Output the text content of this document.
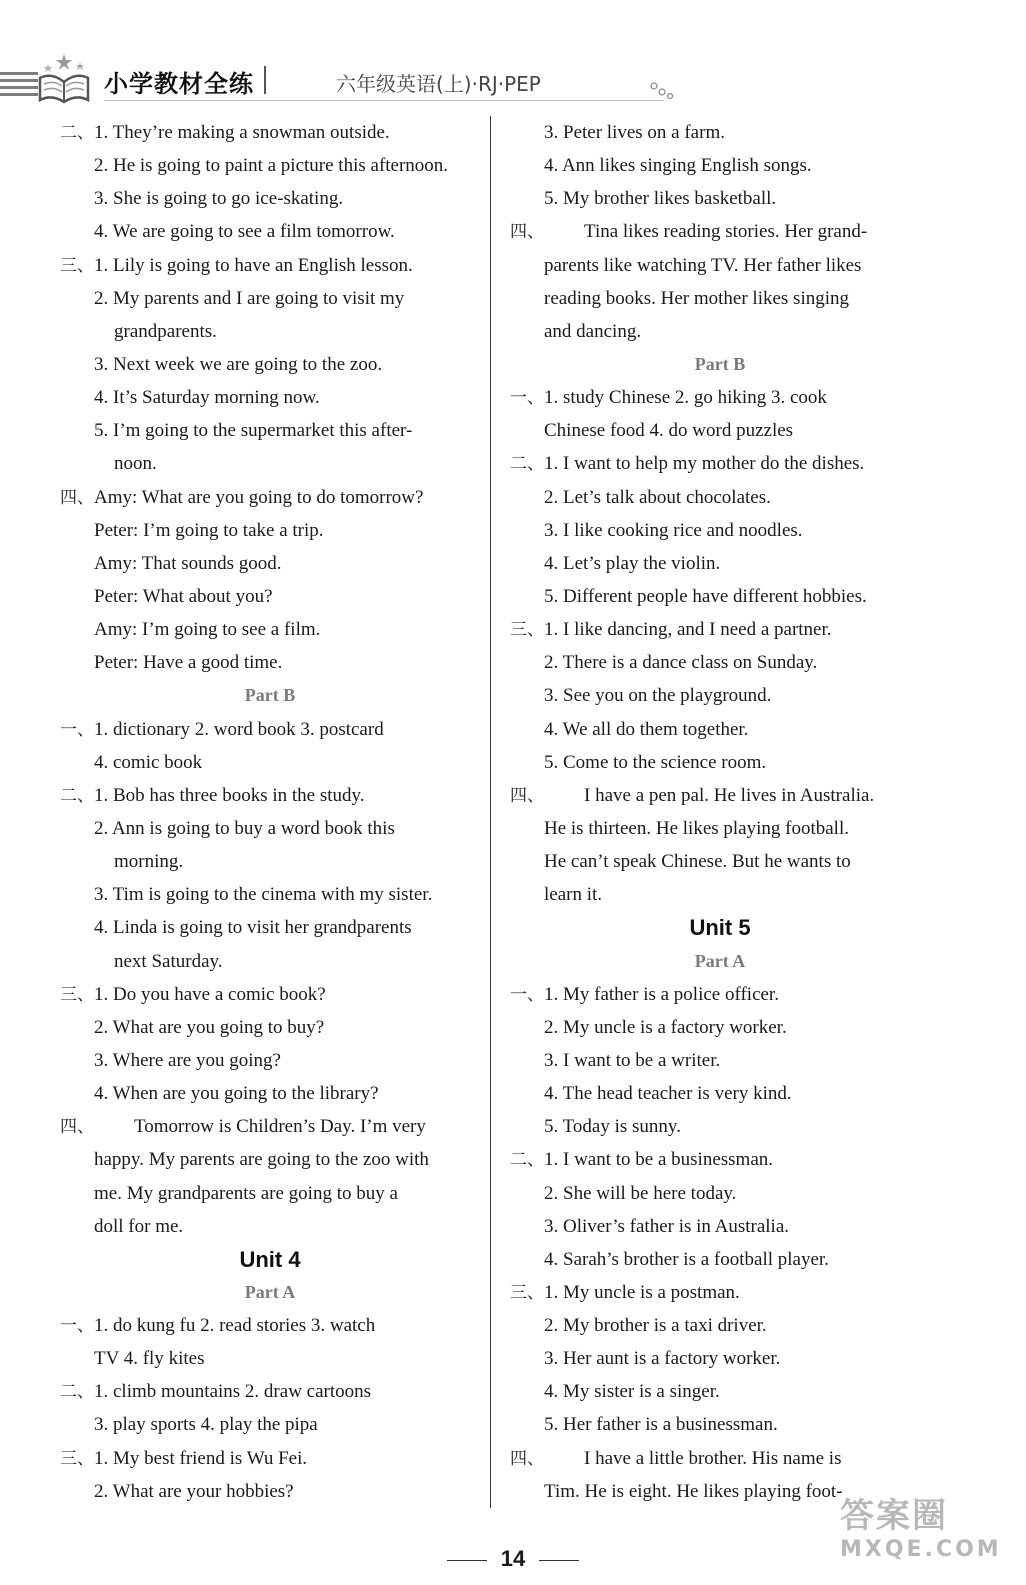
小学教材全练	六年级英语(上)·RJ·PEP
二、1. They’re making a snowman outside.
2. He is going to paint a picture this afternoon.
3. She is going to go ice-skating.
4. We are going to see a film tomorrow.
三、1. Lily is going to have an English lesson.
2. My parents and I are going to visit my
grandparents.
3. Next week we are going to the zoo.
4. It’s Saturday morning now.
5. I’m going to the supermarket this after-
noon.
四、Amy: What are you going to do tomorrow?
Peter: I’m going to take a trip.
Amy: That sounds good.
Peter: What about you?
Amy: I’m going to see a film.
Peter: Have a good time.
Part B
一、1. dictionary 2. word book 3. postcard
4. comic book
二、1. Bob has three books in the study.
2. Ann is going to buy a word book this
morning.
3. Tim is going to the cinema with my sister.
4. Linda is going to visit her grandparents
next Saturday.
三、1. Do you have a comic book?
2. What are you going to buy?
3. Where are you going?
4. When are you going to the library?
四、 Tomorrow is Children’s Day. I’m very
happy. My parents are going to the zoo with
me. My grandparents are going to buy a
doll for me.
Unit 4
Part A
一、1. do kung fu 2. read stories 3. watch
TV 4. fly kites
二、1. climb mountains 2. draw cartoons
3. play sports 4. play the pipa
三、1. My best friend is Wu Fei.
2. What are your hobbies?
3. Peter lives on a farm.
4. Ann likes singing English songs.
5. My brother likes basketball.
四、 Tina likes reading stories. Her grand-
parents like watching TV. Her father likes
reading books. Her mother likes singing
and dancing.
Part B
一、1. study Chinese 2. go hiking 3. cook
Chinese food 4. do word puzzles
二、1. I want to help my mother do the dishes.
2. Let’s talk about chocolates.
3. I like cooking rice and noodles.
4. Let’s play the violin.
5. Different people have different hobbies.
三、1. I like dancing, and I need a partner.
2. There is a dance class on Sunday.
3. See you on the playground.
4. We all do them together.
5. Come to the science room.
四、 I have a pen pal. He lives in Australia.
He is thirteen. He likes playing football.
He can’t speak Chinese. But he wants to
learn it.
Unit 5
Part A
一、1. My father is a police officer.
2. My uncle is a factory worker.
3. I want to be a writer.
4. The head teacher is very kind.
5. Today is sunny.
二、1. I want to be a businessman.
2. She will be here today.
3. Oliver’s father is in Australia.
4. Sarah’s brother is a football player.
三、1. My uncle is a postman.
2. My brother is a taxi driver.
3. Her aunt is a factory worker.
4. My sister is a singer.
5. Her father is a businessman.
四、 I have a little brother. His name is
Tim. He is eight. He likes playing foot-
14
答案圈
MXQE.COM
